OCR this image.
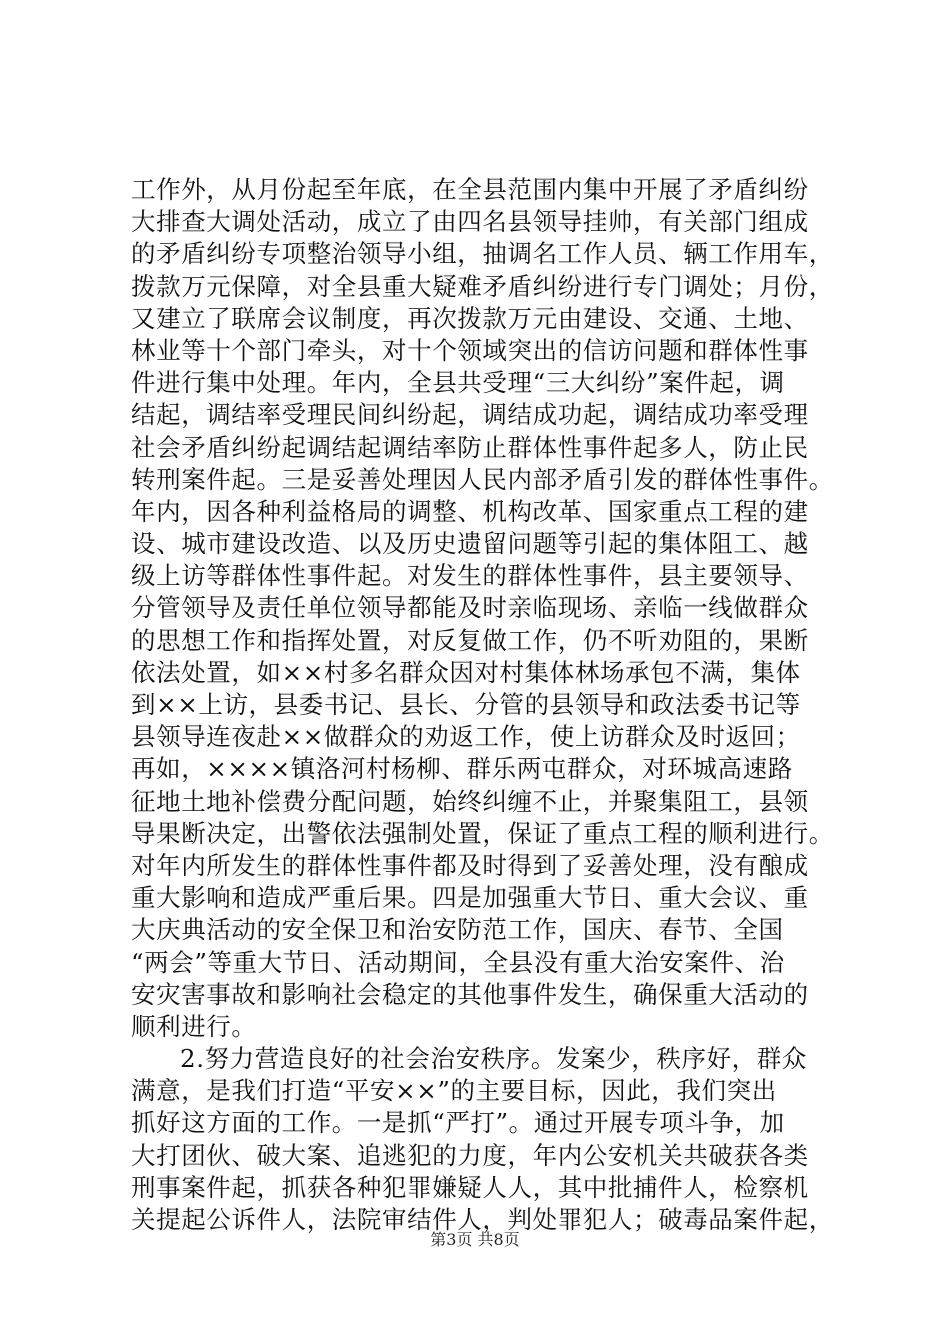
工作外，从月份起至年底，在全县范围内集中开展了矛盾纠纷
大排查大调处活动，成立了由四名县领导挂帅，有关部门组成
的矛盾纠纷专项整治领导小组，抽调名工作人员、辆工作用车，
拨款万元保障，对全县重大疑难矛盾纠纷进行专门调处；月份，
又建立了联席会议制度，再次拨款万元由建设、交通、土地、
林业等十个部门牵头，对十个领域突出的信访问题和群体性事
件进行集中处理。年内，全县共受理“三大纠纷”案件起，调
结起，调结率受理民间纠纷起，调结成功起，调结成功率受理
社会矛盾纠纷起调结起调结率防止群体性事件起多人，防止民
转刑案件起。三是妥善处理因人民内部矛盾引发的群体性事件。
年内，因各种利益格局的调整、机构改革、国家重点工程的建
设、城市建设改造、以及历史遗留问题等引起的集体阻工、越
级上访等群体性事件起。对发生的群体性事件，县主要领导、
分管领导及责任单位领导都能及时亲临现场、亲临一线做群众
的思想工作和指挥处置，对反复做工作，仍不听劝阻的，果断
依法处置，如××村多名群众因对村集体林场承包不满，集体
到××上访，县委书记、县长、分管的县领导和政法委书记等
县领导连夜赴××做群众的劝返工作，使上访群众及时返回；
再如，××××镇洛河村杨柳、群乐两屯群众，对环城高速路
征地土地补偿费分配问题，始终纠缠不止，并聚集阻工，县领
导果断决定，出警依法强制处置，保证了重点工程的顺利进行。
对年内所发生的群体性事件都及时得到了妥善处理，没有酿成
重大影响和造成严重后果。四是加强重大节日、重大会议、重
大庆典活动的安全保卫和治安防范工作，国庆、春节、全国
“两会”等重大节日、活动期间，全县没有重大治安案件、治
安灾害事故和影响社会稳定的其他事件发生，确保重大活动的
顺利进行。
2.努力营造良好的社会治安秩序。发案少，秩序好，群众
满意，是我们打造“平安××”的主要目标，因此，我们突出
抓好这方面的工作。一是抓“严打”。通过开展专项斗争，加
大打团伙、破大案、追逃犯的力度，年内公安机关共破获各类
刑事案件起，抓获各种犯罪嫌疑人人，其中批捕件人，检察机
关提起公诉件人，法院审结件人，判处罪犯人；破毒品案件起，
第3页 共8页
